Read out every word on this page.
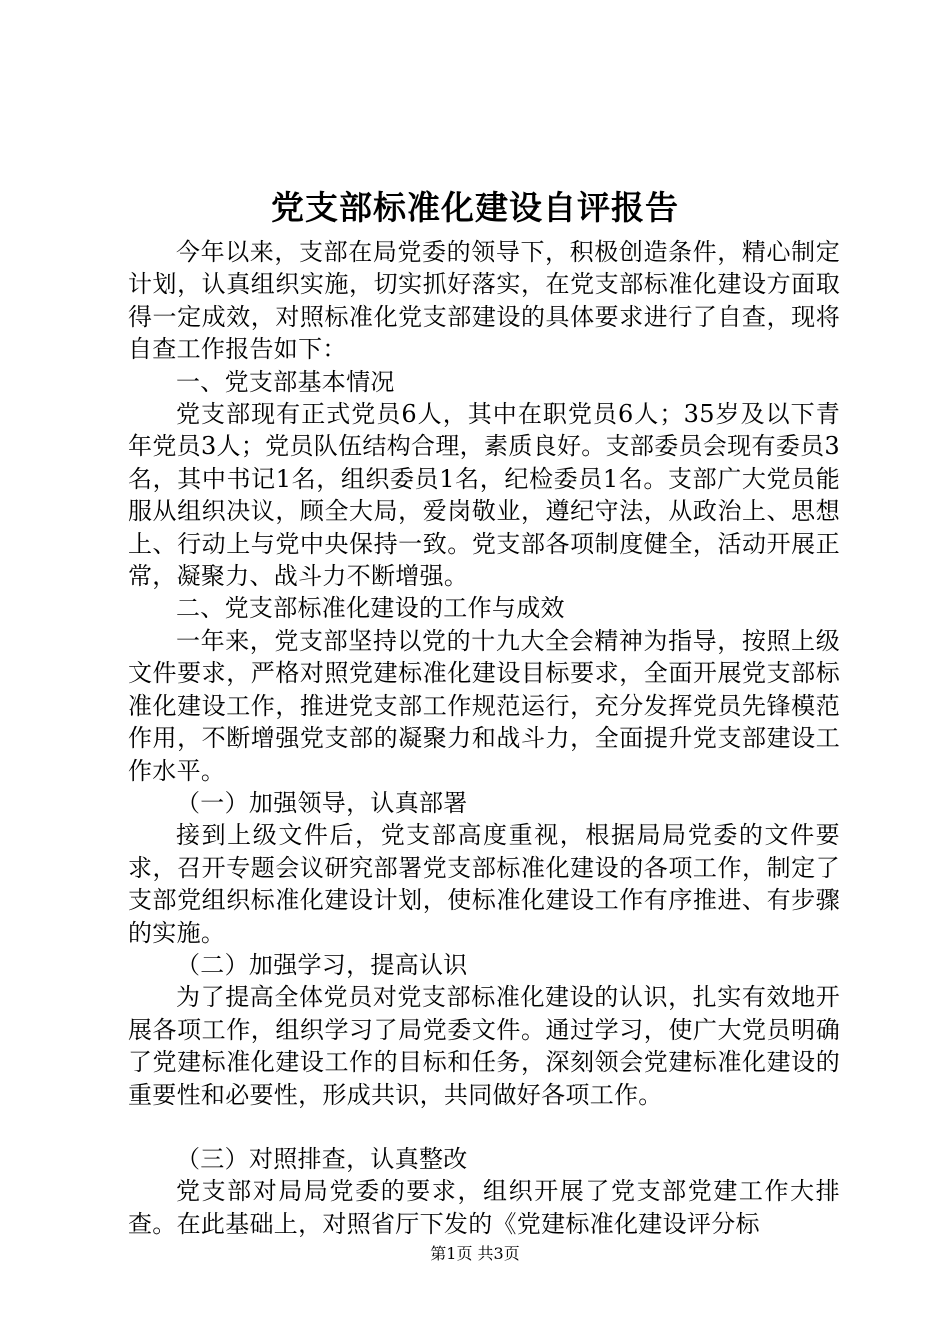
党支部标准化建设自评报告

今年以来，支部在局党委的领导下，积极创造条件，精心制定计划，认真组织实施，切实抓好落实，在党支部标准化建设方面取得一定成效，对照标准化党支部建设的具体要求进行了自查，现将自查工作报告如下：

一、党支部基本情况

党支部现有正式党员6人，其中在职党员6人；35岁及以下青年党员3人；党员队伍结构合理，素质良好。支部委员会现有委员3名，其中书记1名，组织委员1名，纪检委员1名。支部广大党员能服从组织决议，顾全大局，爱岗敬业，遵纪守法，从政治上、思想上、行动上与党中央保持一致。党支部各项制度健全，活动开展正常，凝聚力、战斗力不断增强。

二、党支部标准化建设的工作与成效

一年来，党支部坚持以党的十九大全会精神为指导，按照上级文件要求，严格对照党建标准化建设目标要求，全面开展党支部标准化建设工作，推进党支部工作规范运行，充分发挥党员先锋模范作用，不断增强党支部的凝聚力和战斗力，全面提升党支部建设工作水平。

（一）加强领导，认真部署

接到上级文件后，党支部高度重视，根据局局党委的文件要求，召开专题会议研究部署党支部标准化建设的各项工作，制定了支部党组织标准化建设计划，使标准化建设工作有序推进、有步骤的实施。

（二）加强学习，提高认识

为了提高全体党员对党支部标准化建设的认识，扎实有效地开展各项工作，组织学习了局党委文件。通过学习，使广大党员明确了党建标准化建设工作的目标和任务，深刻领会党建标准化建设的重要性和必要性，形成共识，共同做好各项工作。

（三）对照排查，认真整改

党支部对局局党委的要求，组织开展了党支部党建工作大排查。在此基础上，对照省厅下发的《党建标准化建设评分标

第1页 共3页
